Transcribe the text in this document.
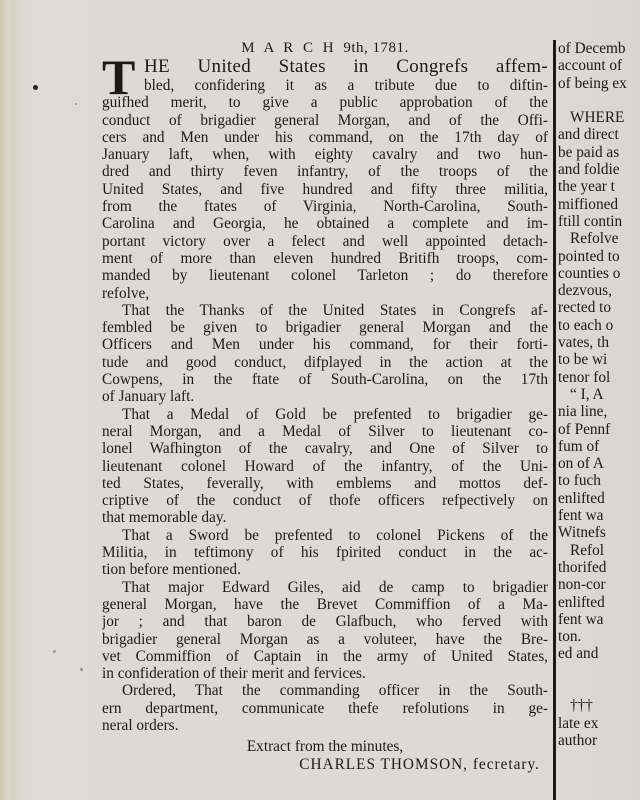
M A R C H 9th, 1781.
T HE United States in Congrefs affem-
bled, confidering it as a tribute due to diftin-
guifhed merit, to give a public approbation of the
conduct of brigadier general Morgan, and of the Offi-
cers and Men under his command, on the 17th day of
January laft, when, with eighty cavalry and two hun-
dred and thirty feven infantry, of the troops of the
United States, and five hundred and fifty three militia,
from the ftates of Virginia, North-Carolina, South-
Carolina and Georgia, he obtained a complete and im-
portant victory over a felect and well appointed detach-
ment of more than eleven hundred Britifh troops, com-
manded by lieutenant colonel Tarleton ; do therefore
refolve,
That the Thanks of the United States in Congrefs af-
fembled be given to brigadier general Morgan and the
Officers and Men under his command, for their forti-
tude and good conduct, difplayed in the action at the
Cowpens, in the ftate of South-Carolina, on the 17th
of January laft.
That a Medal of Gold be prefented to brigadier ge-
neral Morgan, and a Medal of Silver to lieutenant co-
lonel Wafhington of the cavalry, and One of Silver to
lieutenant colonel Howard of the infantry, of the Uni-
ted States, feverally, with emblems and mottos def-
criptive of the conduct of thofe officers refpectively on
that memorable day.
That a Sword be prefented to colonel Pickens of the
Militia, in teftimony of his fpirited conduct in the ac-
tion before mentioned.
That major Edward Giles, aid de camp to brigadier
general Morgan, have the Brevet Commiffion of a Ma-
jor ; and that baron de Glafbuch, who ferved with
brigadier general Morgan as a voluteer, have the Bre-
vet Commiffion of Captain in the army of United States,
in confideration of their merit and fervices.
Ordered, That the commanding officer in the South-
ern department, communicate thefe refolutions in ge-
neral orders.
Extract from the minutes,
CHARLES THOMSON, fecretary.
of Decemb
account of
of being ex

WHERE
and direct
be paid as
and foldie
the year t
miffioned
ftill contin
Refolve
pointed to
counties o
dezvous,
rected to
to each o
vates, th
to be wi
tenor fol
“ I, A
nia line,
of Pennf
fum of
on of A
to fuch
enlifted
fent wa
Witnefs
Refol
thorifed
non-cor
enlifted
fent wa
ton.
ed and

†††
late ex
author
